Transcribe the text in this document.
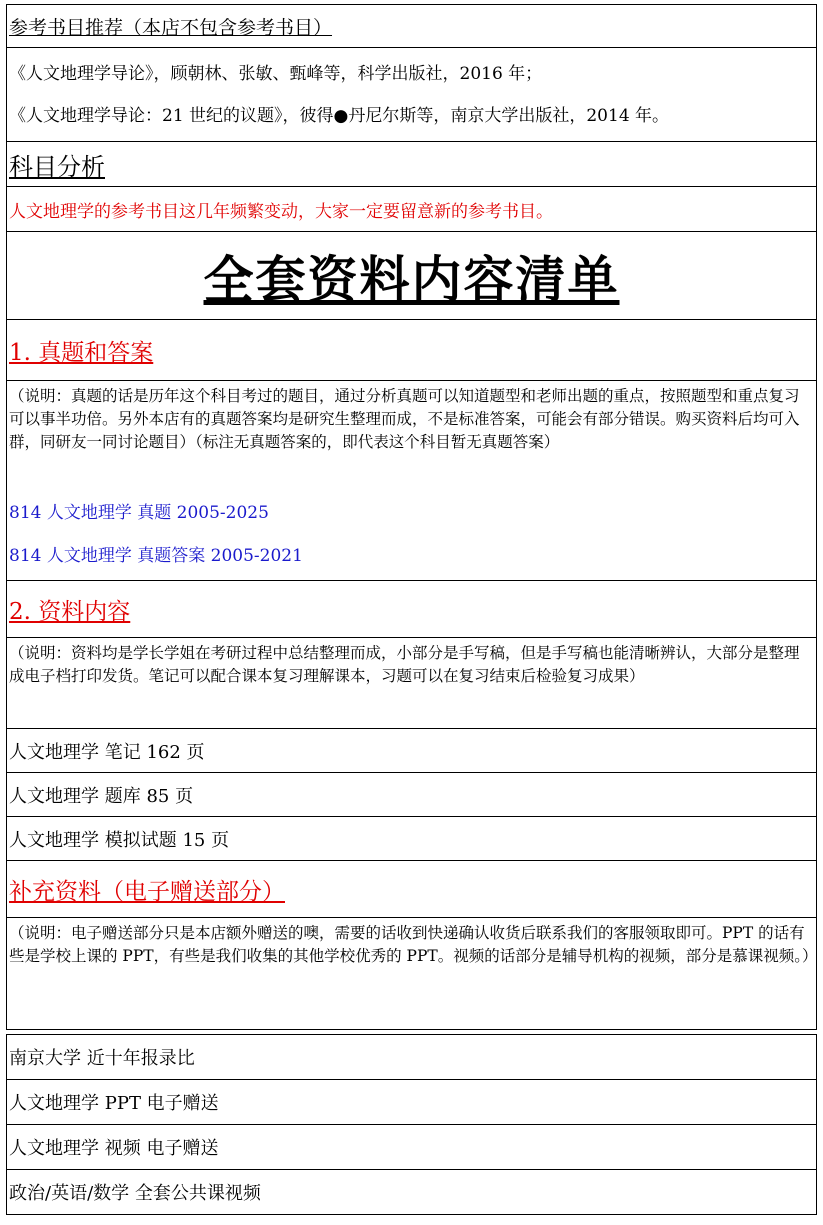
参考书目推荐（本店不包含参考书目）

《人文地理学导论》，顾朝林、张敏、甄峰等，科学出版社，2016 年；

《人文地理学导论：21 世纪的议题》，彼得●丹尼尔斯等，南京大学出版社，2014 年。

科目分析
人文地理学的参考书目这几年频繁变动，大家一定要留意新的参考书目。
全套资料内容清单
1. 真题和答案

（说明：真题的话是历年这个科目考过的题目，通过分析真题可以知道题型和老师出题的重点，按照题型和重点复习可以事半功倍。另外本店有的真题答案均是研究生整理而成，不是标准答案，可能会有部分错误。购买资料后均可入群，同研友一同讨论题目）（标注无真题答案的，即代表这个科目暂无真题答案）

814 人文地理学 真题 2005-2025

814 人文地理学 真题答案 2005-2021

2. 资料内容
（说明：资料均是学长学姐在考研过程中总结整理而成，小部分是手写稿，但是手写稿也能清晰辨认，大部分是整理成电子档打印发货。笔记可以配合课本复习理解课本，习题可以在复习结束后检验复习成果）
人文地理学 笔记 162 页
人文地理学 题库 85 页
人文地理学 模拟试题 15 页
补充资料（电子赠送部分）
（说明：电子赠送部分只是本店额外赠送的噢，需要的话收到快递确认收货后联系我们的客服领取即可。PPT 的话有些是学校上课的 PPT，有些是我们收集的其他学校优秀的 PPT。视频的话部分是辅导机构的视频，部分是慕课视频。）
南京大学 近十年报录比
人文地理学 PPT 电子赠送
人文地理学 视频 电子赠送
政治/英语/数学 全套公共课视频
